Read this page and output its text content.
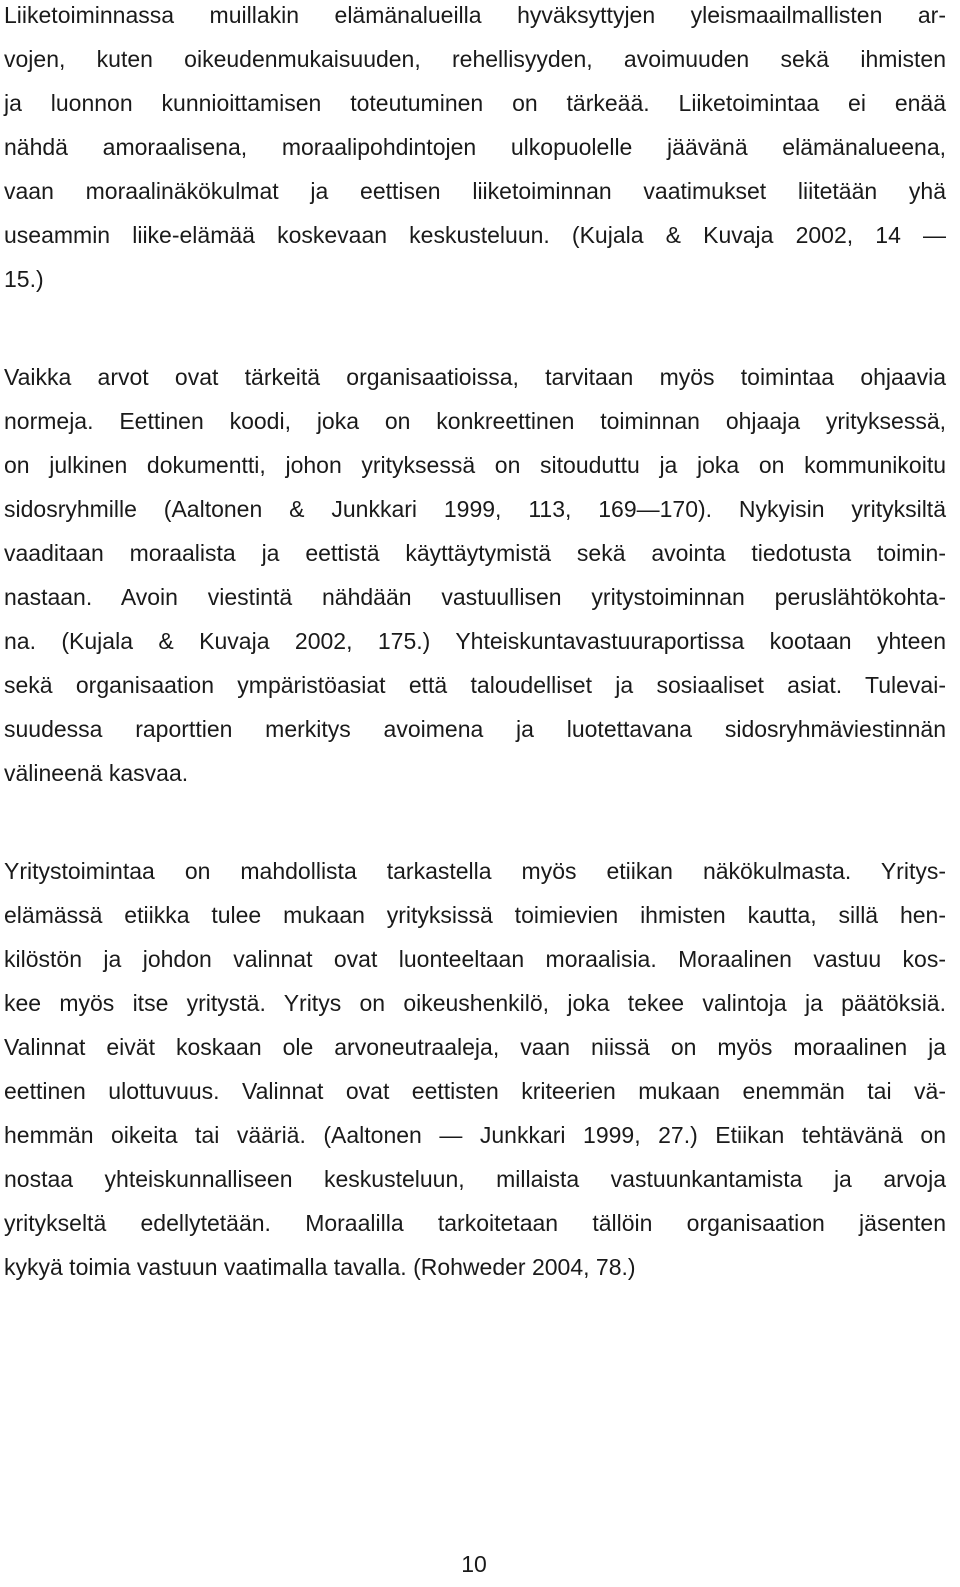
Liiketoiminnassa muillakin elämänalueilla hyväksyttyjen yleismaailmallisten ar-
vojen, kuten oikeudenmukaisuuden, rehellisyyden, avoimuuden sekä ihmisten
ja luonnon kunnioittamisen toteutuminen on tärkeää. Liiketoimintaa ei enää
nähdä amoraalisena, moraalipohdintojen ulkopuolelle jäävänä elämänalueena,
vaan moraalinäkökulmat ja eettisen liiketoiminnan vaatimukset liitetään yhä
useammin liike-elämää koskevaan keskusteluun. (Kujala & Kuvaja 2002, 14 —
15.)

Vaikka arvot ovat tärkeitä organisaatioissa, tarvitaan myös toimintaa ohjaavia
normeja. Eettinen koodi, joka on konkreettinen toiminnan ohjaaja yrityksessä,
on julkinen dokumentti, johon yrityksessä on sitouduttu ja joka on kommunikoitu
sidosryhmille (Aaltonen & Junkkari 1999, 113, 169—170). Nykyisin yrityksiltä
vaaditaan moraalista ja eettistä käyttäytymistä sekä avointa tiedotusta toimin-
nastaan. Avoin viestintä nähdään vastuullisen yritystoiminnan peruslähtökohta-
na. (Kujala & Kuvaja 2002, 175.) Yhteiskuntavastuuraportissa kootaan yhteen
sekä organisaation ympäristöasiat että taloudelliset ja sosiaaliset asiat. Tulevai-
suudessa raporttien merkitys avoimena ja luotettavana sidosryhmäviestinnän
välineenä kasvaa.

Yritystoimintaa on mahdollista tarkastella myös etiikan näkökulmasta. Yritys-
elämässä etiikka tulee mukaan yrityksissä toimievien ihmisten kautta, sillä hen-
kilöstön ja johdon valinnat ovat luonteeltaan moraalisia. Moraalinen vastuu kos-
kee myös itse yritystä. Yritys on oikeushenkilö, joka tekee valintoja ja päätöksiä.
Valinnat eivät koskaan ole arvoneutraaleja, vaan niissä on myös moraalinen ja
eettinen ulottuvuus. Valinnat ovat eettisten kriteerien mukaan enemmän tai vä-
hemmän oikeita tai vääriä. (Aaltonen — Junkkari 1999, 27.) Etiikan tehtävänä on
nostaa yhteiskunnalliseen keskusteluun, millaista vastuunkantamista ja arvoja
yritykseltä edellytetään. Moraalilla tarkoitetaan tällöin organisaation jäsenten
kykyä toimia vastuun vaatimalla tavalla. (Rohweder 2004, 78.)

10
